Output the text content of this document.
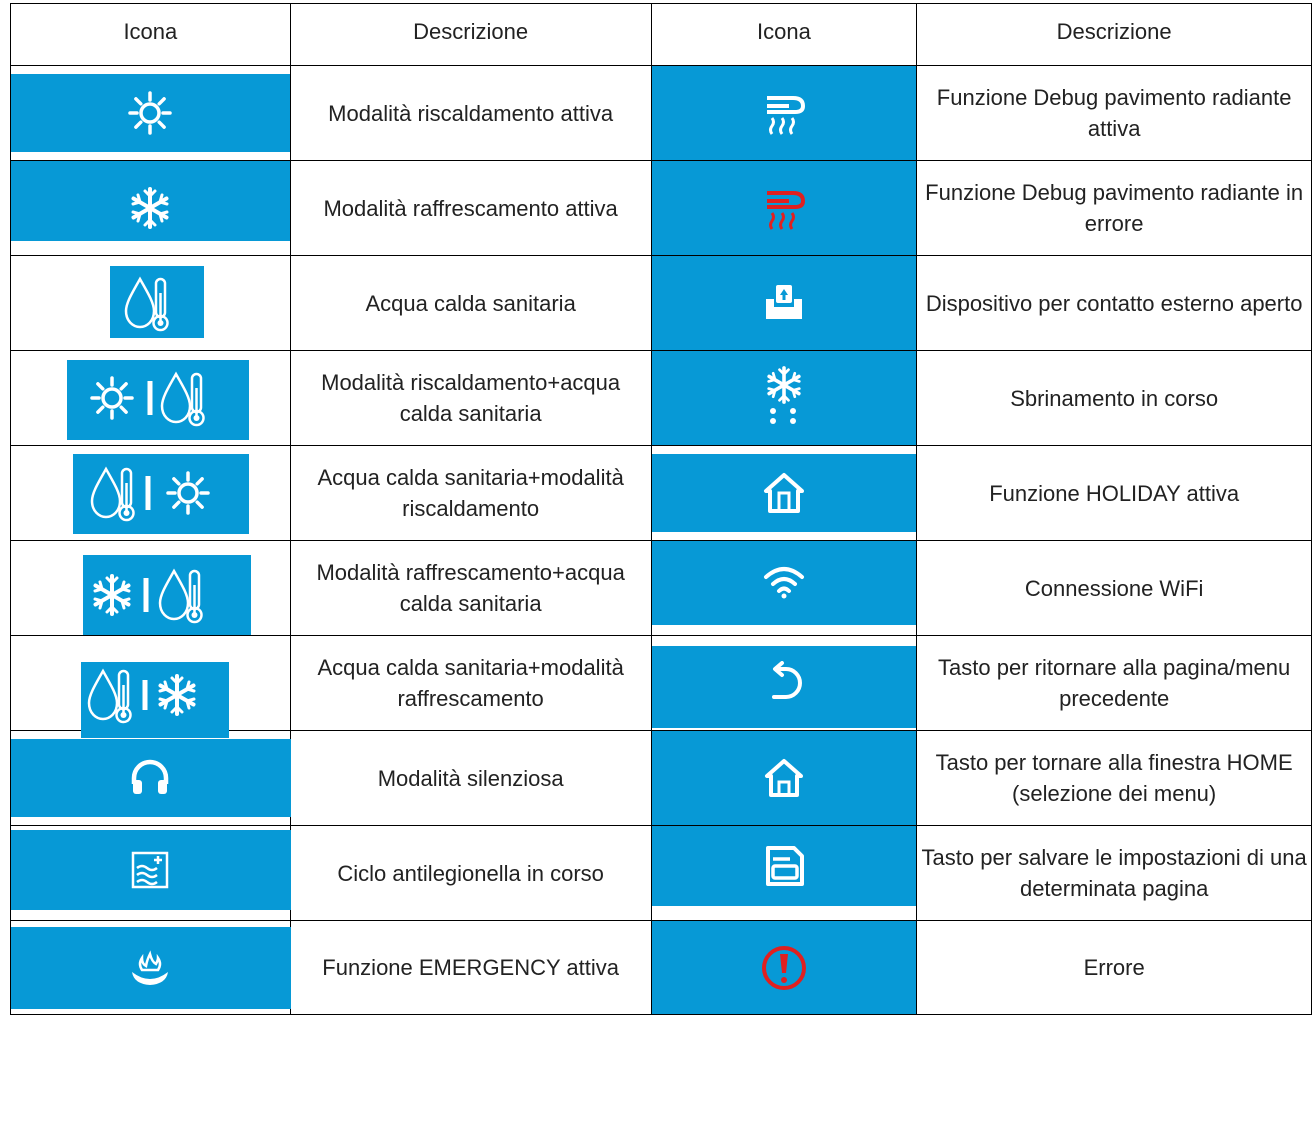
Icona	Descrizione	Icona	Descrizione

	Modalità riscaldamento attiva		Funzione Debug pavimento radiante attiva

	Modalità raffrescamento attiva		Funzione Debug pavimento radiante in errore

	Acqua calda sanitaria		Dispositivo per contatto esterno aperto

	Modalità riscaldamento+acqua calda sanitaria		Sbrinamento in corso

	Acqua calda sanitaria+modalità riscaldamento		Funzione HOLIDAY attiva

	Modalità raffrescamento+acqua calda sanitaria		Connessione WiFi

	Acqua calda sanitaria+modalità raffrescamento		Tasto per ritornare alla pagina/menu precedente

	Modalità silenziosa		Tasto per tornare alla finestra HOME (selezione dei menu)

	Ciclo antilegionella in corso		Tasto per salvare le impostazioni di una determinata pagina

	Funzione EMERGENCY attiva		Errore
